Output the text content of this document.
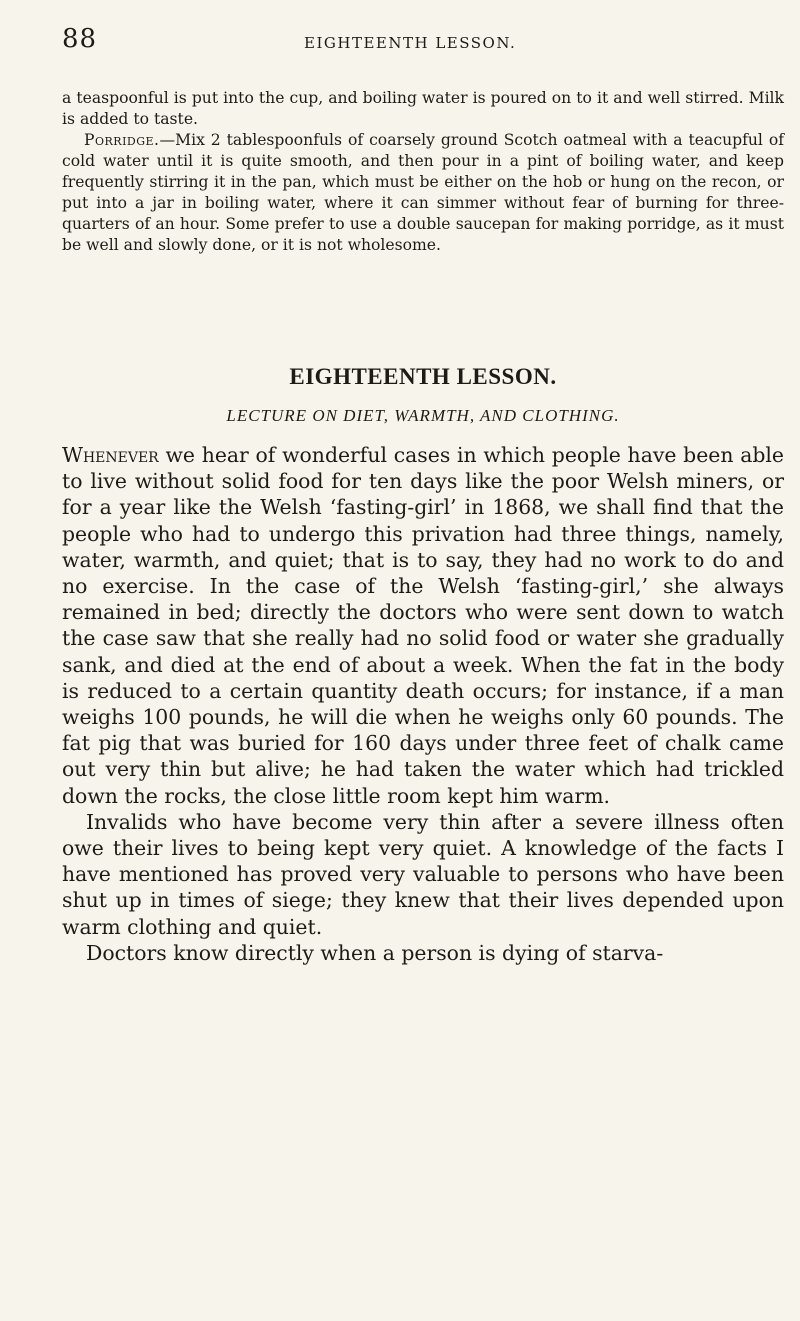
88	EIGHTEENTH LESSON.

a teaspoonful is put into the cup, and boiling water is poured on to it and well stirred. Milk is added to taste.

Porridge.—Mix 2 tablespoonfuls of coarsely ground Scotch oatmeal with a teacupful of cold water until it is quite smooth, and then pour in a pint of boiling water, and keep frequently stirring it in the pan, which must be either on the hob or hung on the recon, or put into a jar in boiling water, where it can simmer without fear of burning for three-quarters of an hour. Some prefer to use a double saucepan for making porridge, as it must be well and slowly done, or it is not wholesome.

EIGHTEENTH LESSON.
LECTURE ON DIET, WARMTH, AND CLOTHING.

Whenever we hear of wonderful cases in which people have been able to live without solid food for ten days like the poor Welsh miners, or for a year like the Welsh ‘fasting-girl’ in 1868, we shall find that the people who had to undergo this privation had three things, namely, water, warmth, and quiet; that is to say, they had no work to do and no exercise. In the case of the Welsh ‘fasting-girl,’ she always remained in bed; directly the doctors who were sent down to watch the case saw that she really had no solid food or water she gradually sank, and died at the end of about a week. When the fat in the body is reduced to a certain quantity death occurs; for instance, if a man weighs 100 pounds, he will die when he weighs only 60 pounds. The fat pig that was buried for 160 days under three feet of chalk came out very thin but alive; he had taken the water which had trickled down the rocks, the close little room kept him warm.

Invalids who have become very thin after a severe illness often owe their lives to being kept very quiet. A knowledge of the facts I have mentioned has proved very valuable to persons who have been shut up in times of siege; they knew that their lives depended upon warm clothing and quiet.

Doctors know directly when a person is dying of starva-
